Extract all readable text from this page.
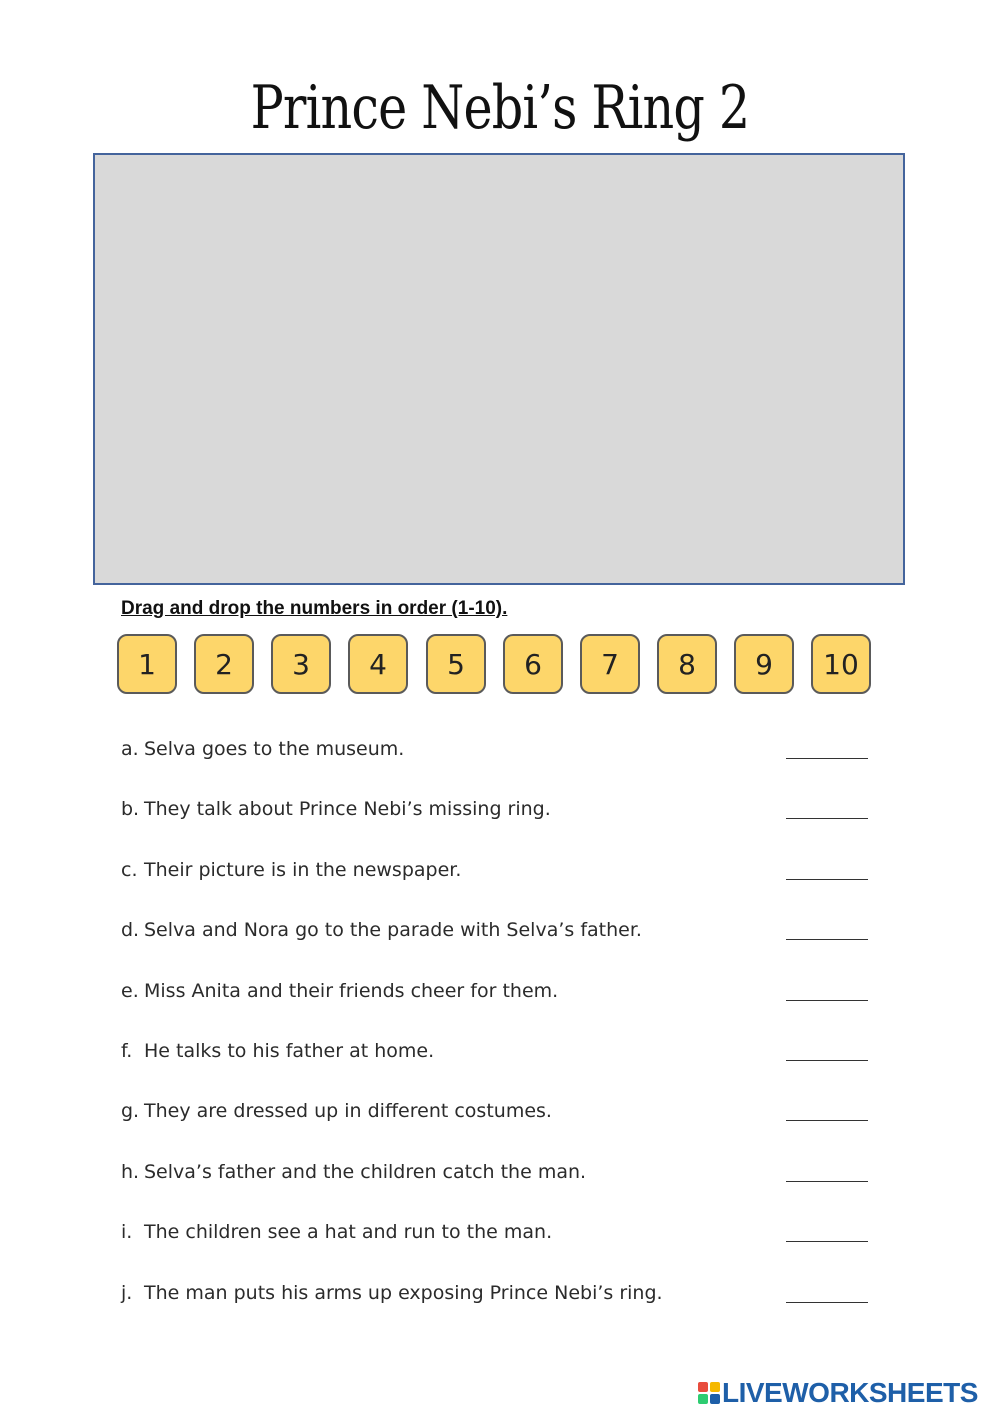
Prince Nebi’s Ring 2
Drag and drop the numbers in order (1-10).
1	2	3	4	5	6	7	8	9	10
a. Selva goes to the museum.
b. They talk about Prince Nebi’s missing ring.
c. Their picture is in the newspaper.
d. Selva and Nora go to the parade with Selva’s father.
e. Miss Anita and their friends cheer for them.
f. He talks to his father at home.
g. They are dressed up in different costumes.
h. Selva’s father and the children catch the man.
i. The children see a hat and run to the man.
j. The man puts his arms up exposing Prince Nebi’s ring.
LIVEWORKSHEETS
